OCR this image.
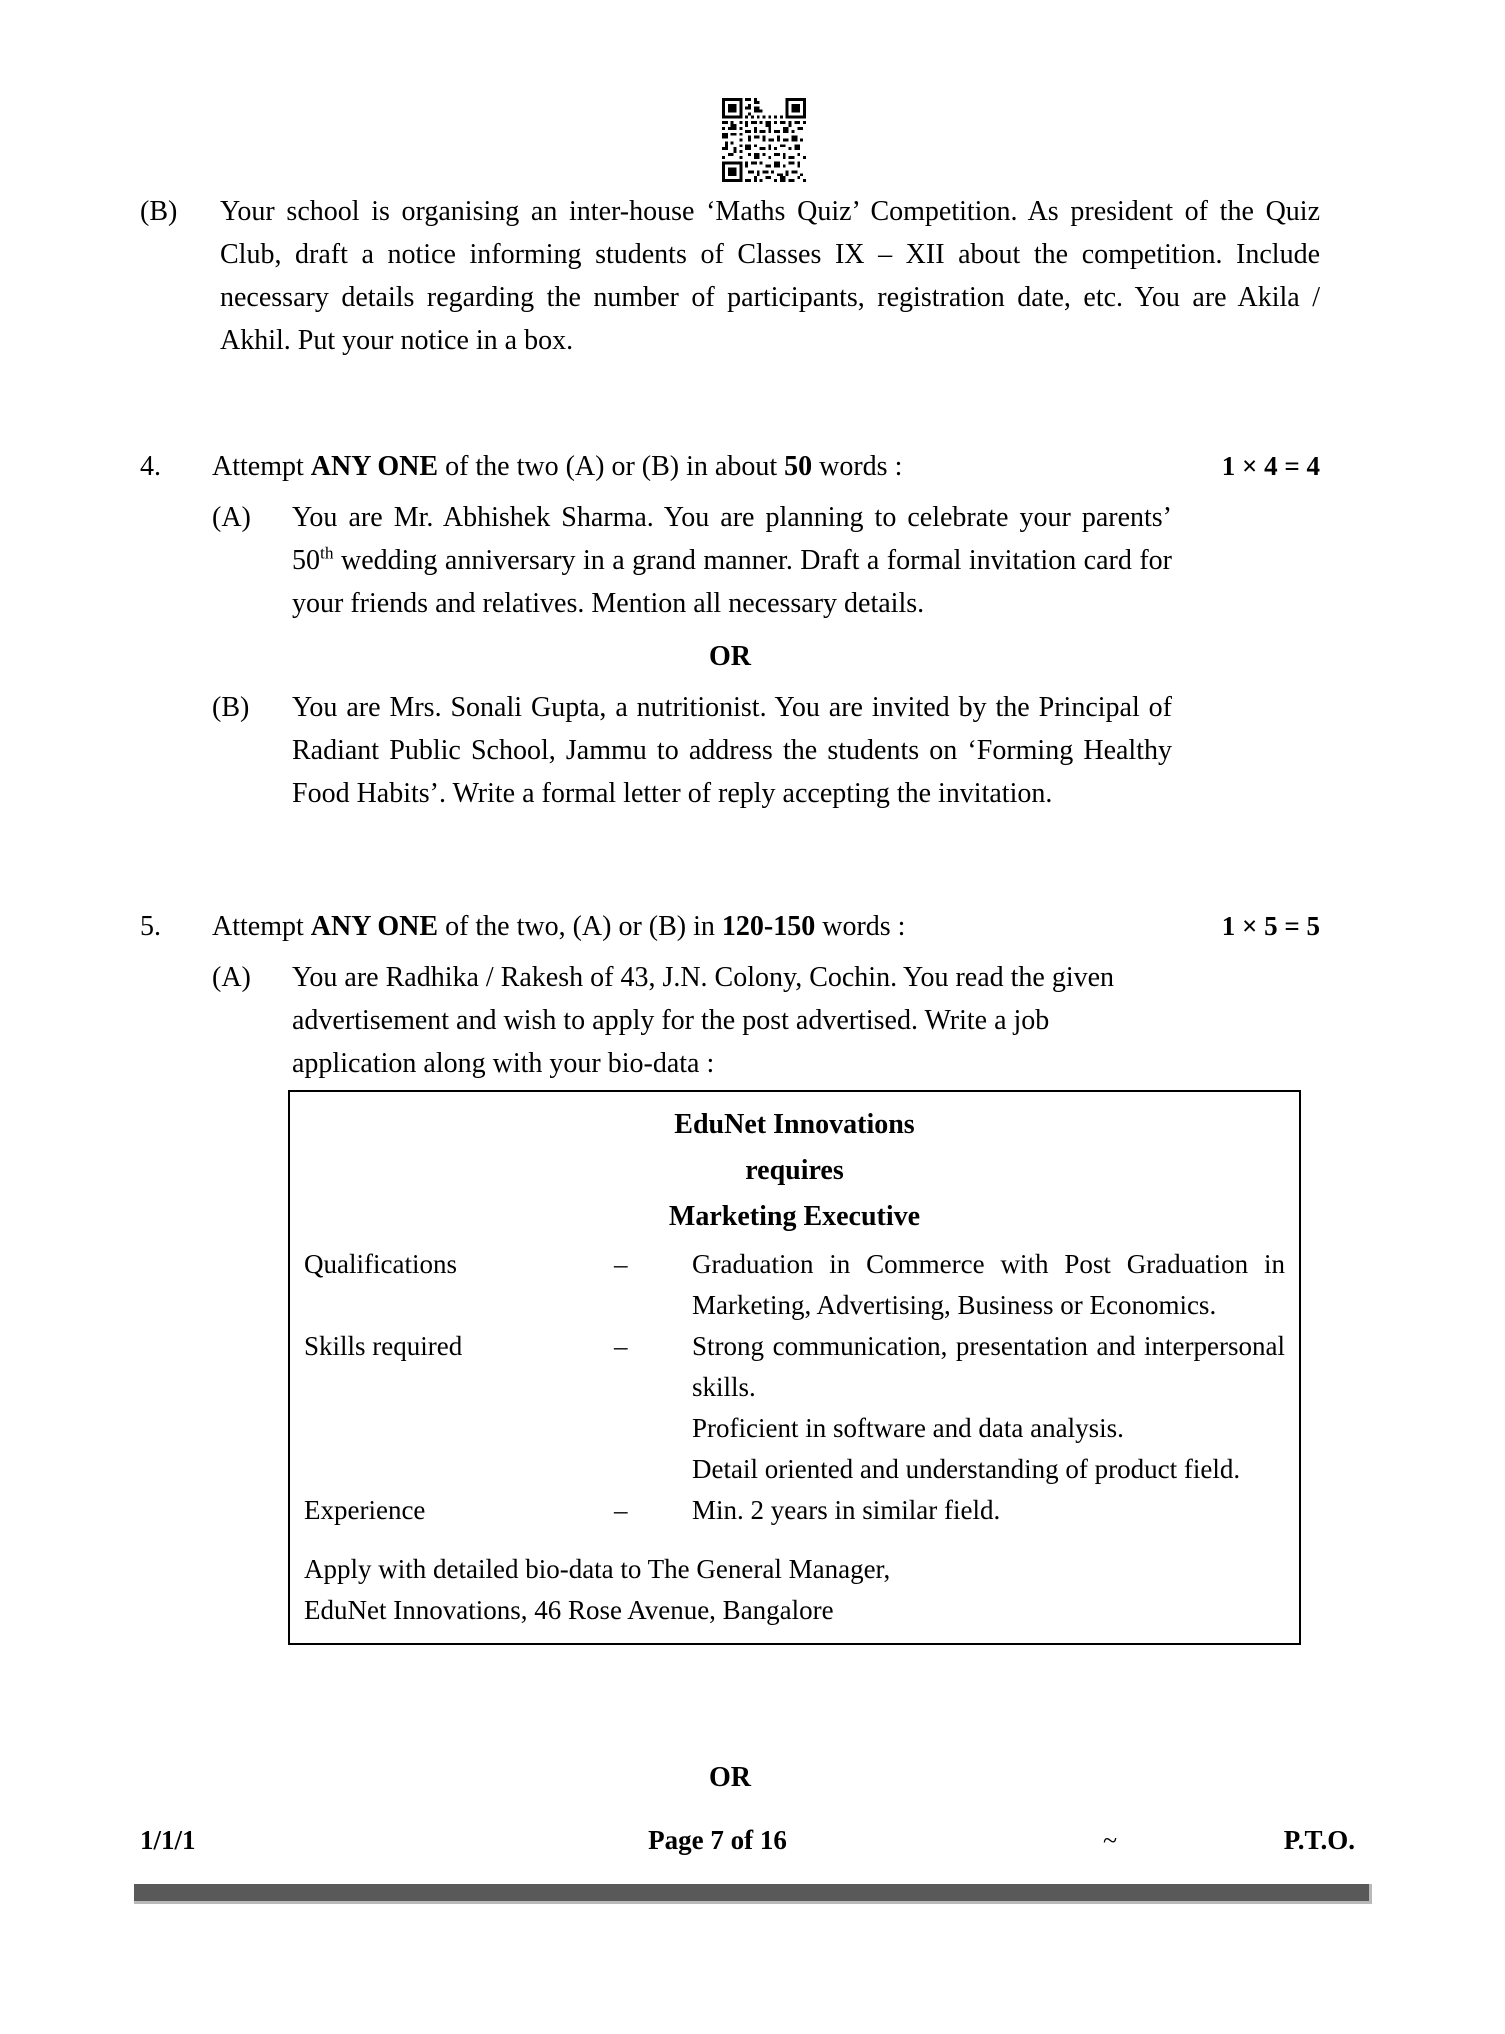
(B)	Your school is organising an inter-house ‘Maths Quiz’ Competition. As president of the Quiz Club, draft a notice informing students of Classes IX – XII about the competition. Include necessary details regarding the number of participants, registration date, etc. You are Akila / Akhil. Put your notice in a box.
4.	Attempt ANY ONE of the two (A) or (B) in about 50 words :	1 × 4 = 4
(A)	You are Mr. Abhishek Sharma. You are planning to celebrate your parents’ 50th wedding anniversary in a grand manner. Draft a formal invitation card for your friends and relatives. Mention all necessary details.
OR
(B)	You are Mrs. Sonali Gupta, a nutritionist. You are invited by the Principal of Radiant Public School, Jammu to address the students on ‘Forming Healthy Food Habits’. Write a formal letter of reply accepting the invitation.
5.	Attempt ANY ONE of the two, (A) or (B) in 120-150 words :	1 × 5 = 5
(A)	You are Radhika / Rakesh of 43, J.N. Colony, Cochin. You read the given advertisement and wish to apply for the post advertised. Write a job application along with your bio-data :
EduNet Innovations
requires
Marketing Executive
Qualifications	–	Graduation in Commerce with Post Graduation in Marketing, Advertising, Business or Economics.
Skills required	–	Strong communication, presentation and interpersonal skills.
Proficient in software and data analysis.
Detail oriented and understanding of product field.

Experience	–	Min. 2 years in similar field.
Apply with detailed bio-data to The General Manager,
EduNet Innovations, 46 Rose Avenue, Bangalore
OR
1/1/1	Page 7 of 16	~	P.T.O.
